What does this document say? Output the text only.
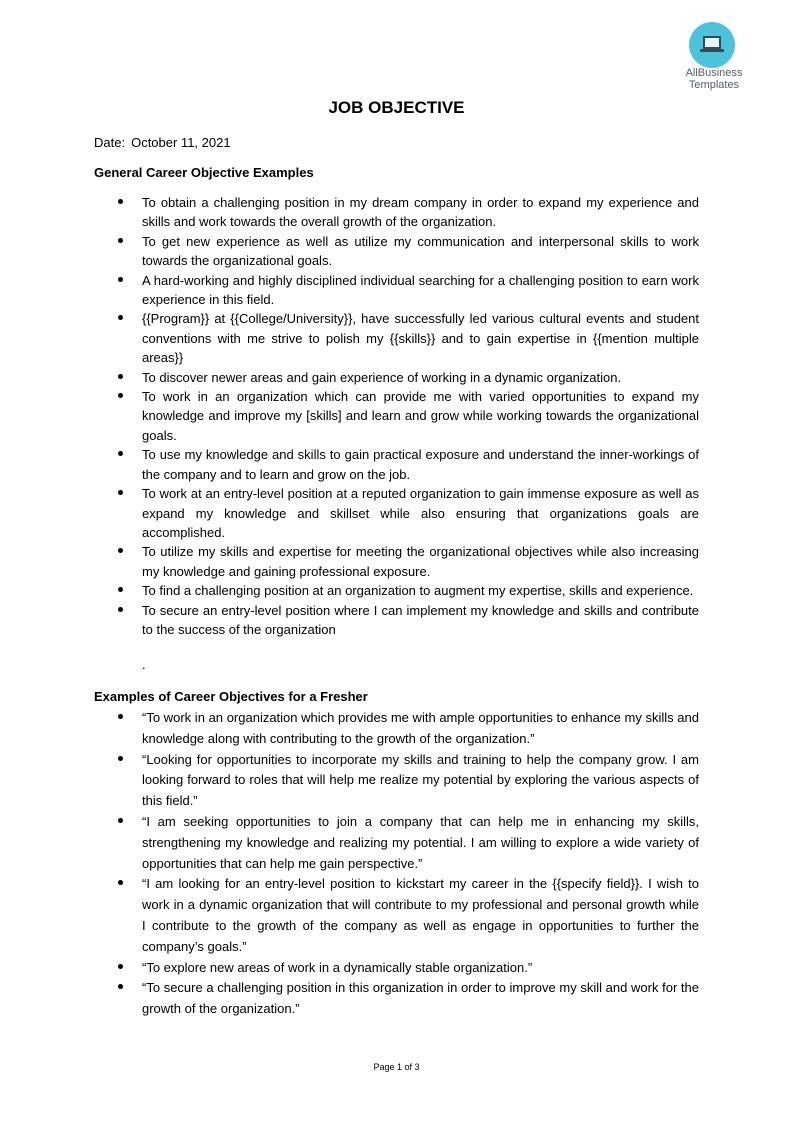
AllBusiness
Templates
JOB OBJECTIVE
Date: October 11, 2021
General Career Objective Examples
To obtain a challenging position in my dream company in order to expand my experience and skills and work towards the overall growth of the organization.
To get new experience as well as utilize my communication and interpersonal skills to work towards the organizational goals.
A hard-working and highly disciplined individual searching for a challenging position to earn work experience in this field.
{{Program}} at {{College/University}}, have successfully led various cultural events and student conventions with me strive to polish my {{skills}} and to gain expertise in {{mention multiple areas}}
To discover newer areas and gain experience of working in a dynamic organization.
To work in an organization which can provide me with varied opportunities to expand my knowledge and improve my [skills] and learn and grow while working towards the organizational goals.
To use my knowledge and skills to gain practical exposure and understand the inner-workings of the company and to learn and grow on the job.
To work at an entry-level position at a reputed organization to gain immense exposure as well as expand my knowledge and skillset while also ensuring that organizations goals are accomplished.
To utilize my skills and expertise for meeting the organizational objectives while also increasing my knowledge and gaining professional exposure.
To find a challenging position at an organization to augment my expertise, skills and experience.
To secure an entry-level position where I can implement my knowledge and skills and contribute to the success of the organization
.
Examples of Career Objectives for a Fresher
“To work in an organization which provides me with ample opportunities to enhance my skills and knowledge along with contributing to the growth of the organization.”
“Looking for opportunities to incorporate my skills and training to help the company grow. I am looking forward to roles that will help me realize my potential by exploring the various aspects of this field.”
“I am seeking opportunities to join a company that can help me in enhancing my skills, strengthening my knowledge and realizing my potential. I am willing to explore a wide variety of opportunities that can help me gain perspective.”
“I am looking for an entry-level position to kickstart my career in the {{specify field}}. I wish to work in a dynamic organization that will contribute to my professional and personal growth while I contribute to the growth of the company as well as engage in opportunities to further the company’s goals.”
“To explore new areas of work in a dynamically stable organization.”
“To secure a challenging position in this organization in order to improve my skill and work for the growth of the organization.”
Page 1 of 3
